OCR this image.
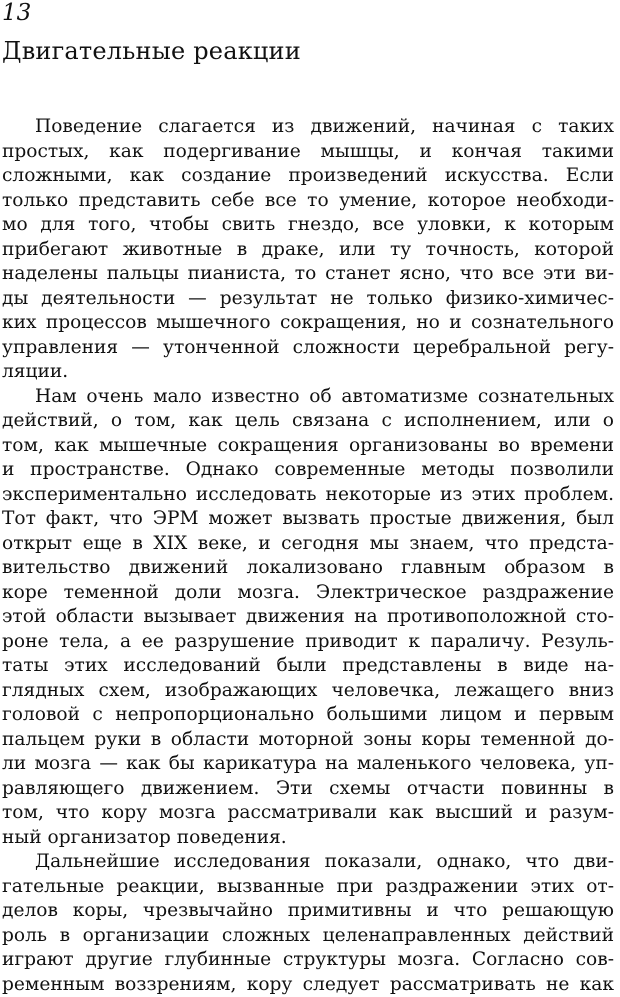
13
Двигательные реакции
Поведение слагается из движений, начиная с таких
простых, как подергивание мышцы, и кончая такими
сложными, как создание произведений искусства. Если
только представить себе все то умение, которое необходи-
мо для того, чтобы свить гнездо, все уловки, к которым
прибегают животные в драке, или ту точность, которой
наделены пальцы пианиста, то станет ясно, что все эти ви-
ды деятельности — результат не только физико-химичес-
ких процессов мышечного сокращения, но и сознательного
управления — утонченной сложности церебральной регу-
ляции.
Нам очень мало известно об автоматизме сознательных
действий, о том, как цель связана с исполнением, или о
том, как мышечные сокращения организованы во времени
и пространстве. Однако современные методы позволили
экспериментально исследовать некоторые из этих проблем.
Тот факт, что ЭРМ может вызвать простые движения, был
открыт еще в XIX веке, и сегодня мы знаем, что предста-
вительство движений локализовано главным образом в
коре теменной доли мозга. Электрическое раздражение
этой области вызывает движения на противоположной сто-
роне тела, а ее разрушение приводит к параличу. Резуль-
таты этих исследований были представлены в виде на-
глядных схем, изображающих человечка, лежащего вниз
головой с непропорционально большими лицом и первым
пальцем руки в области моторной зоны коры теменной до-
ли мозга — как бы карикатура на маленького человека, уп-
равляющего движением. Эти схемы отчасти повинны в
том, что кору мозга рассматривали как высший и разум-
ный организатор поведения.
Дальнейшие исследования показали, однако, что дви-
гательные реакции, вызванные при раздражении этих от-
делов коры, чрезвычайно примитивны и что решающую
роль в организации сложных целенаправленных действий
играют другие глубинные структуры мозга. Согласно сов-
ременным воззрениям, кору следует рассматривать не как
